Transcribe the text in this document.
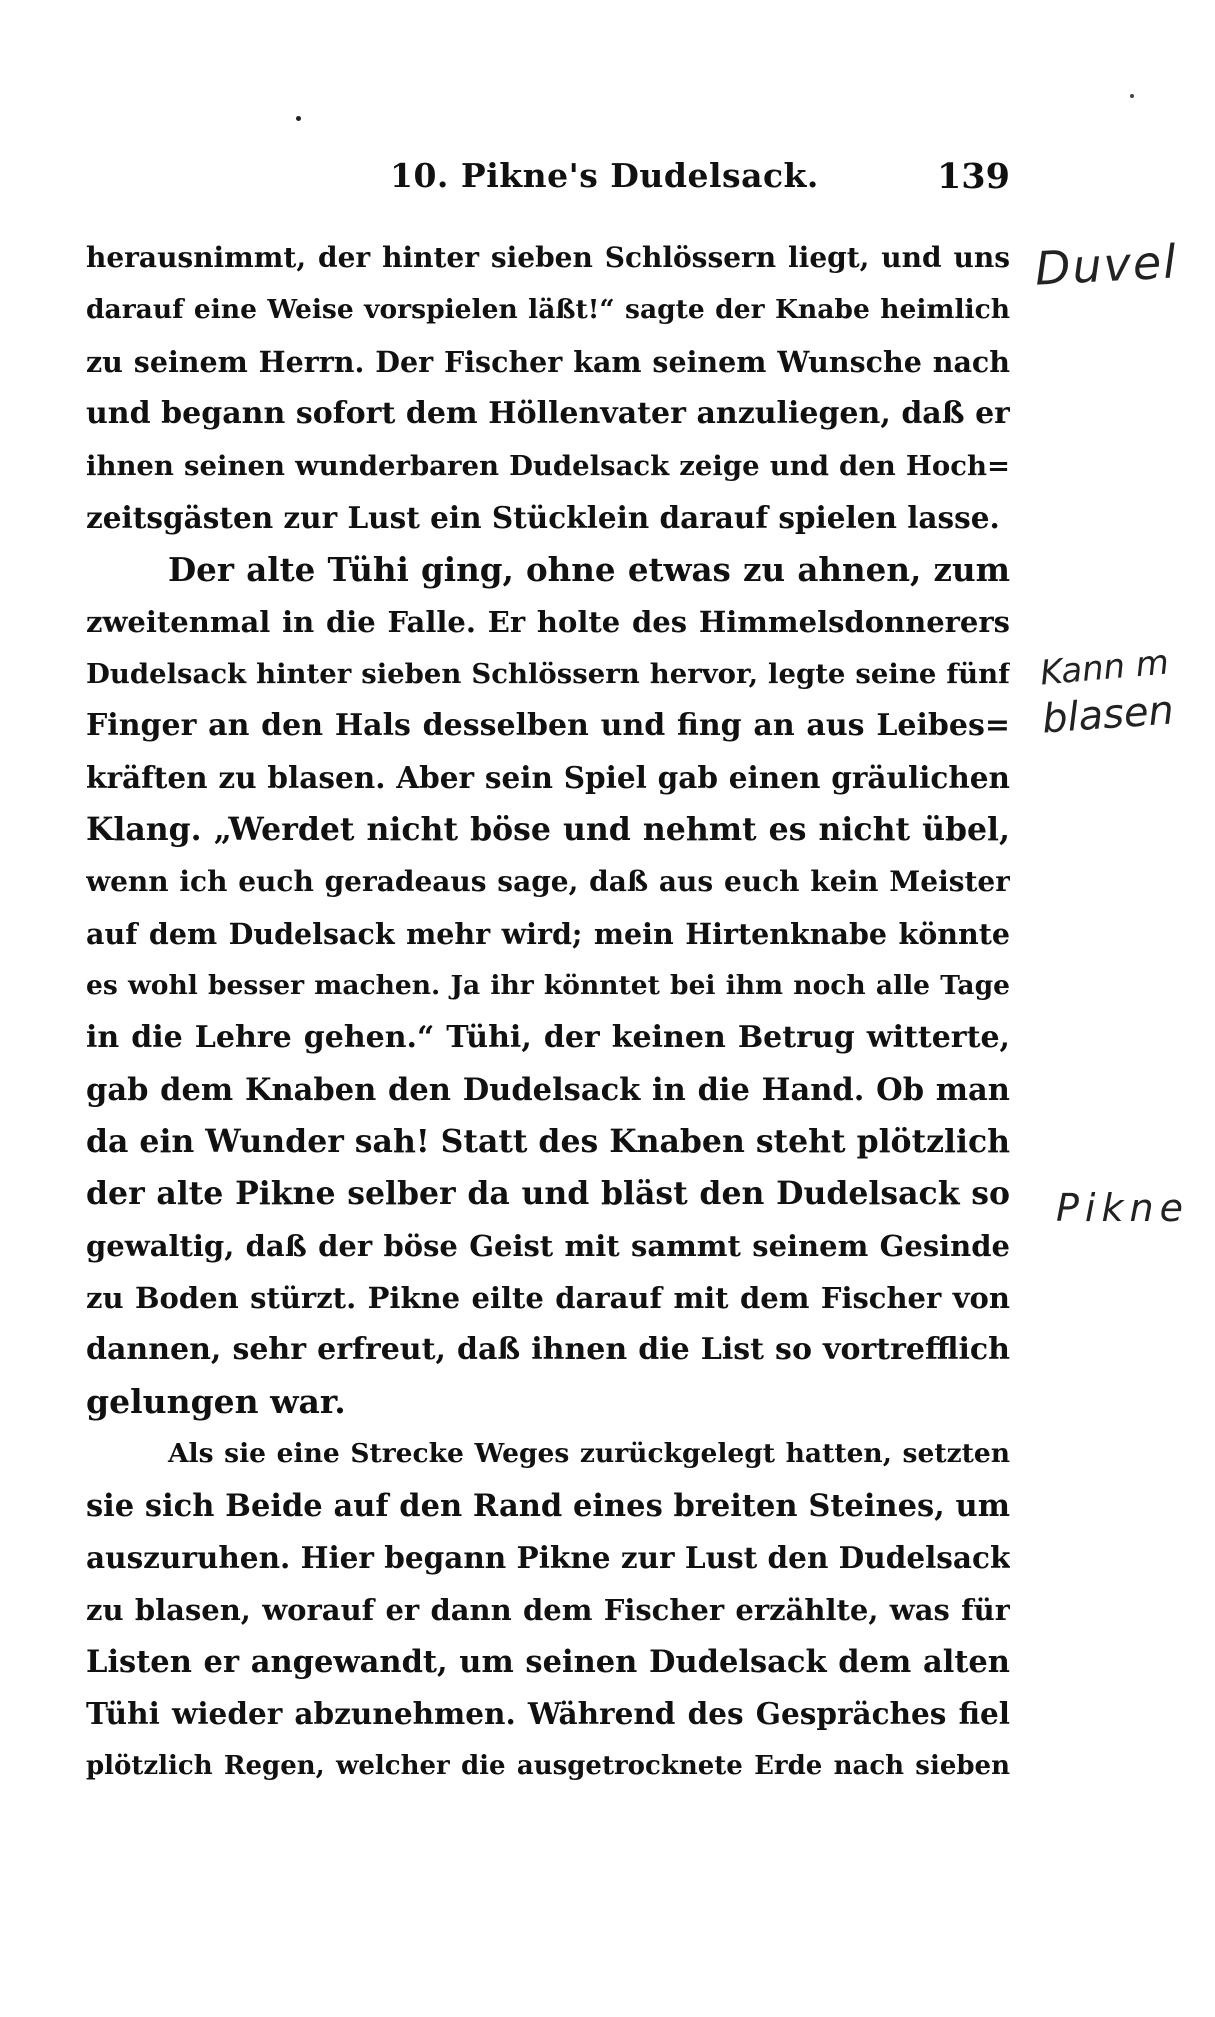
10. Pikne's Dudelsack.	139
herausnimmt, der hinter sieben Schlössern liegt, und uns
darauf eine Weise vorspielen läßt!“ sagte der Knabe heimlich
zu seinem Herrn. Der Fischer kam seinem Wunsche nach
und begann sofort dem Höllenvater anzuliegen, daß er
ihnen seinen wunderbaren Dudelsack zeige und den Hoch=
zeitsgästen zur Lust ein Stücklein darauf spielen lasse.
Der alte Tühi ging, ohne etwas zu ahnen, zum
zweitenmal in die Falle. Er holte des Himmelsdonnerers
Dudelsack hinter sieben Schlössern hervor, legte seine fünf
Finger an den Hals desselben und fing an aus Leibes=
kräften zu blasen. Aber sein Spiel gab einen gräulichen
Klang. „Werdet nicht böse und nehmt es nicht übel,
wenn ich euch geradeaus sage, daß aus euch kein Meister
auf dem Dudelsack mehr wird; mein Hirtenknabe könnte
es wohl besser machen. Ja ihr könntet bei ihm noch alle Tage
in die Lehre gehen.“ Tühi, der keinen Betrug witterte,
gab dem Knaben den Dudelsack in die Hand. Ob man
da ein Wunder sah! Statt des Knaben steht plötzlich
der alte Pikne selber da und bläst den Dudelsack so
gewaltig, daß der böse Geist mit sammt seinem Gesinde
zu Boden stürzt. Pikne eilte darauf mit dem Fischer von
dannen, sehr erfreut, daß ihnen die List so vortrefflich
gelungen war.
Als sie eine Strecke Weges zurückgelegt hatten, setzten
sie sich Beide auf den Rand eines breiten Steines, um
auszuruhen. Hier begann Pikne zur Lust den Dudelsack
zu blasen, worauf er dann dem Fischer erzählte, was für
Listen er angewandt, um seinen Dudelsack dem alten
Tühi wieder abzunehmen. Während des Gespräches fiel
plötzlich Regen, welcher die ausgetrocknete Erde nach sieben
Duvel
Kann m
blasen
Pikne
